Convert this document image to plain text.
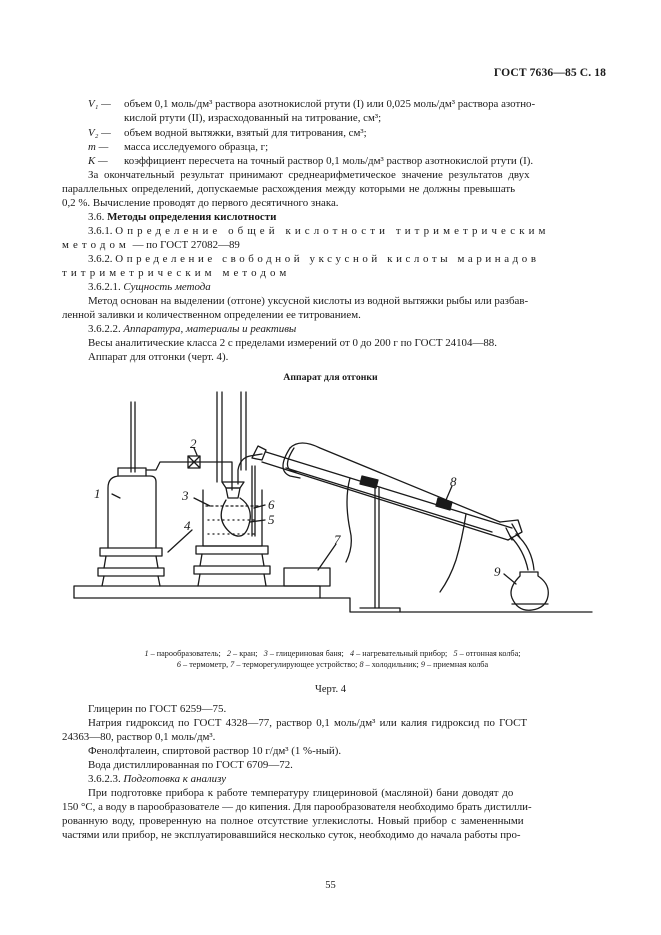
ГОСТ 7636—85 С. 18
V₁ — объем 0,1 моль/дм³ раствора азотнокислой ртути (I) или 0,025 моль/дм³ раствора азотно-
кислой ртути (II), израсходованный на титрование, см³;
V₂ — объем водной вытяжки, взятый для титрования, см³;
m — масса исследуемого образца, г;
K — коэффициент пересчета на точный раствор 0,1 моль/дм³ раствор азотнокислой ртути (I).
За окончательный результат принимают среднеарифметическое значение результатов двух
параллельных определений, допускаемые расхождения между которыми не должны превышать
0,2 %. Вычисление проводят до первого десятичного знака.
3.6. Методы определения кислотности
3.6.1. Определение общей кислотности титриметрическим
методом — по ГОСТ 27082—89
3.6.2. Определение свободной уксусной кислоты маринадов
титриметрическим методом
3.6.2.1. Сущность метода
Метод основан на выделении (отгоне) уксусной кислоты из водной вытяжки рыбы или разбав-
ленной заливки и количественном определении ее титрованием.
3.6.2.2. Аппаратура, материалы и реактивы
Весы аналитические класса 2 с пределами измерений от 0 до 200 г по ГОСТ 24104—88.
Аппарат для отгонки (черт. 4).
Аппарат для отгонки
1
2
3
4	5
6
7
8
9
1 – парообразователь;   2 – кран;   3 – глицериновая баня;   4 – нагревательный прибор;   5 – отгонная колба;
6 – термометр, 7 – терморегулирующее устройство; 8 – холодильник; 9 – приемная колба
Черт. 4
Глицерин по ГОСТ 6259—75.
Натрия гидроксид по ГОСТ 4328—77, раствор 0,1 моль/дм³ или калия гидроксид по ГОСТ
24363—80, раствор 0,1 моль/дм³.
Фенолфталеин, спиртовой раствор 10 г/дм³ (1 %-ный).
Вода дистиллированная по ГОСТ 6709—72.
3.6.2.3. Подготовка к анализу
При подготовке прибора к работе температуру глицериновой (масляной) бани доводят до
150 °С, а воду в парообразователе — до кипения. Для парообразователя необходимо брать дистилли-
рованную воду, проверенную на полное отсутствие углекислоты. Новый прибор с замененными
частями или прибор, не эксплуатировавшийся несколько суток, необходимо до начала работы про-
55
